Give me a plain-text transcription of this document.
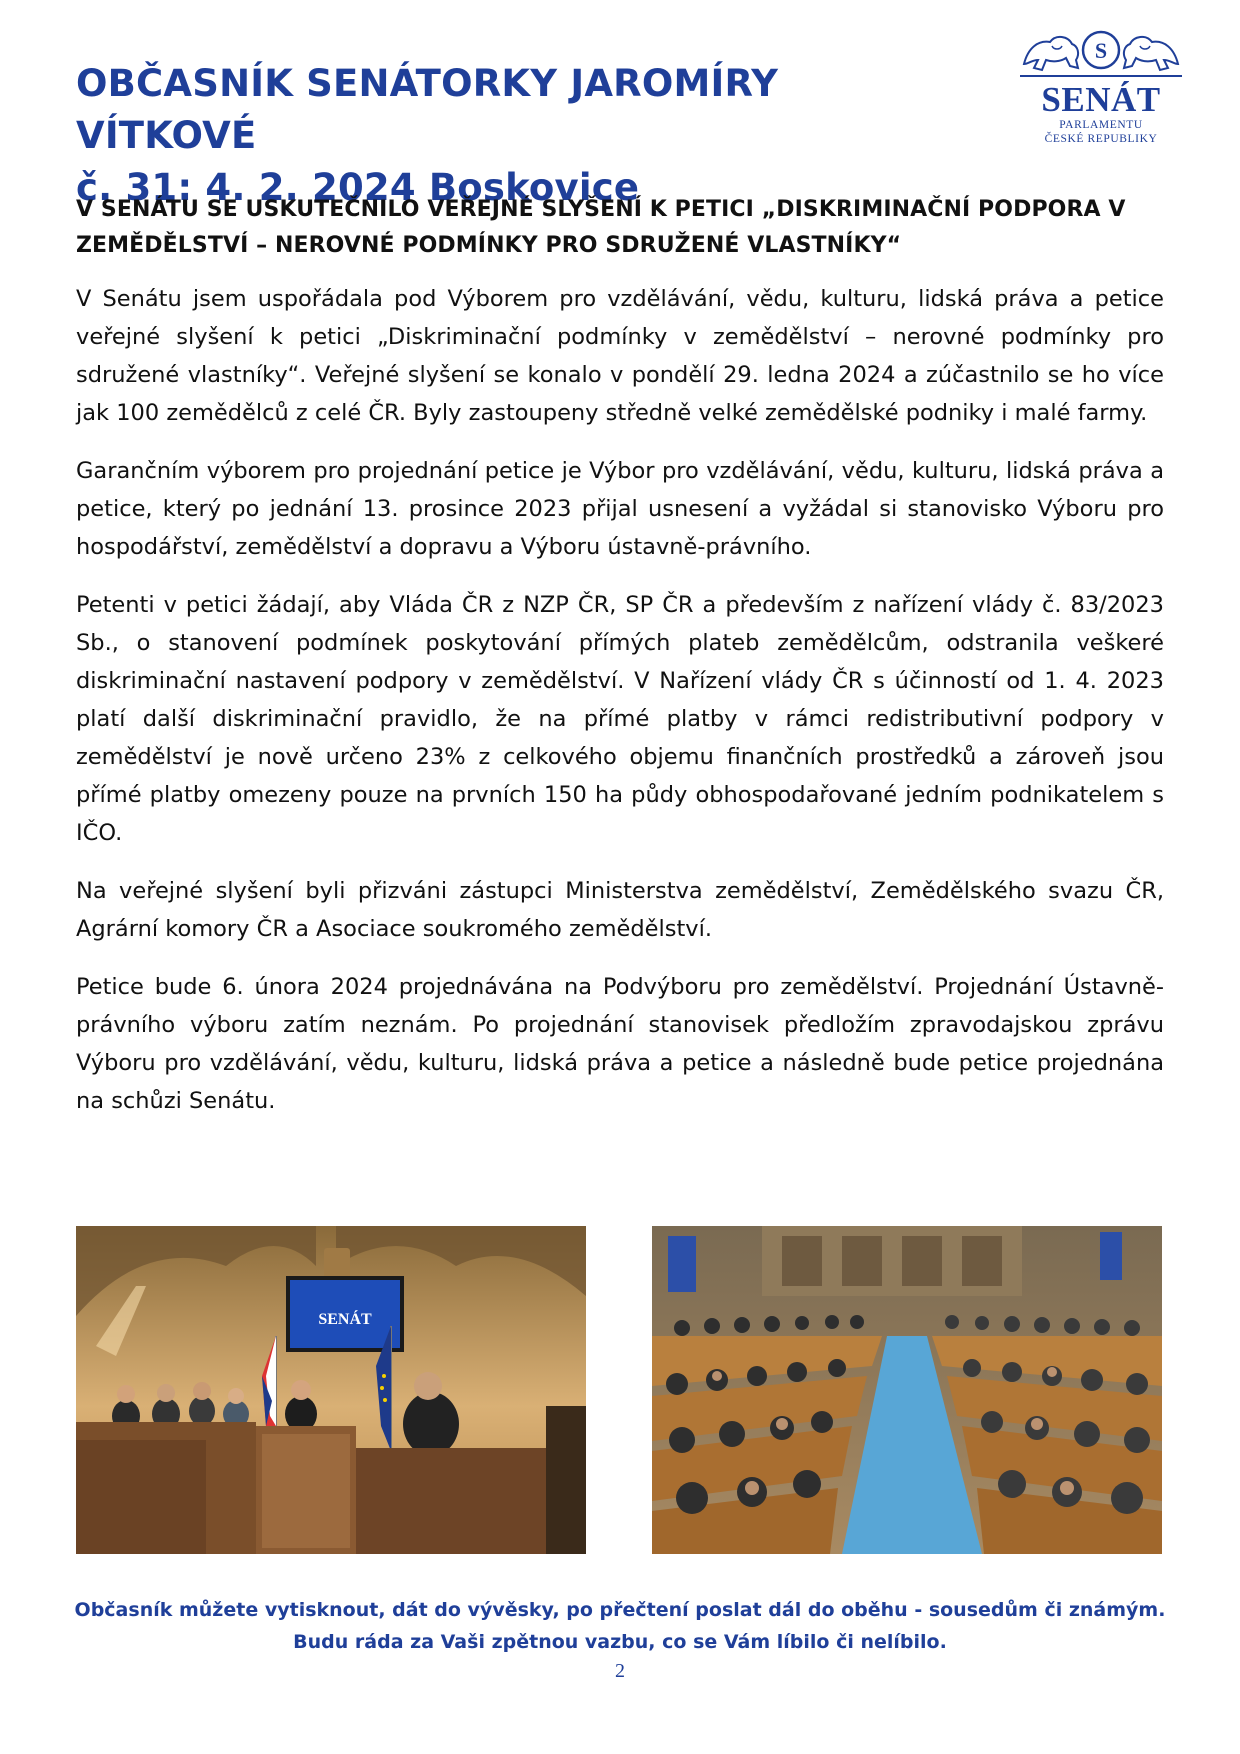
OBČASNÍK SENÁTORKY JAROMÍRY VÍTKOVÉ
č. 31: 4. 2. 2024 Boskovice
S
SENÁT
PARLAMENTU
ČESKÉ REPUBLIKY
V SENÁTU SE USKUTEČNILO VEŘEJNÉ SLYŠENÍ K PETICI „DISKRIMINAČNÍ PODPORA V ZEMĚDĚLSTVÍ – NEROVNÉ PODMÍNKY PRO SDRUŽENÉ VLASTNÍKY“

V Senátu jsem uspořádala pod Výborem pro vzdělávání, vědu, kulturu, lidská práva a petice veřejné slyšení k petici „Diskriminační podmínky v zemědělství – nerovné podmínky pro sdružené vlastníky“. Veřejné slyšení se konalo v pondělí 29. ledna 2024 a zúčastnilo se ho více jak 100 zemědělců z celé ČR. Byly zastoupeny středně velké zemědělské podniky i malé farmy.

Garančním výborem pro projednání petice je Výbor pro vzdělávání, vědu, kulturu, lidská práva a petice, který po jednání 13. prosince 2023 přijal usnesení a vyžádal si stanovisko Výboru pro hospodářství, zemědělství a dopravu a Výboru ústavně-právního.

Petenti v petici žádají, aby Vláda ČR z NZP ČR, SP ČR a především z nařízení vlády č. 83/2023 Sb., o stanovení podmínek poskytování přímých plateb zemědělcům, odstranila veškeré diskriminační nastavení podpory v zemědělství. V Nařízení vlády ČR s účinností od 1. 4. 2023 platí další diskriminační pravidlo, že na přímé platby v rámci redistributivní podpory v zemědělství je nově určeno 23% z celkového objemu finančních prostředků a zároveň jsou přímé platby omezeny pouze na prvních 150 ha půdy obhospodařované jedním podnikatelem s IČO.

Na veřejné slyšení byli přizváni zástupci Ministerstva zemědělství, Zemědělského svazu ČR, Agrární komory ČR a Asociace soukromého zemědělství.

Petice bude 6. února 2024 projednávána na Podvýboru pro zemědělství. Projednání Ústavně-právního výboru zatím neznám. Po projednání stanovisek předložím zpravodajskou zprávu Výboru pro vzdělávání, vědu, kulturu, lidská práva a petice a následně bude petice projednána na schůzi Senátu.

SENÁT

Občasník můžete vytisknout, dát do vývěsky, po přečtení poslat dál do oběhu - sousedům či známým. Budu ráda za Vaši zpětnou vazbu, co se Vám líbilo či nelíbilo.

2
